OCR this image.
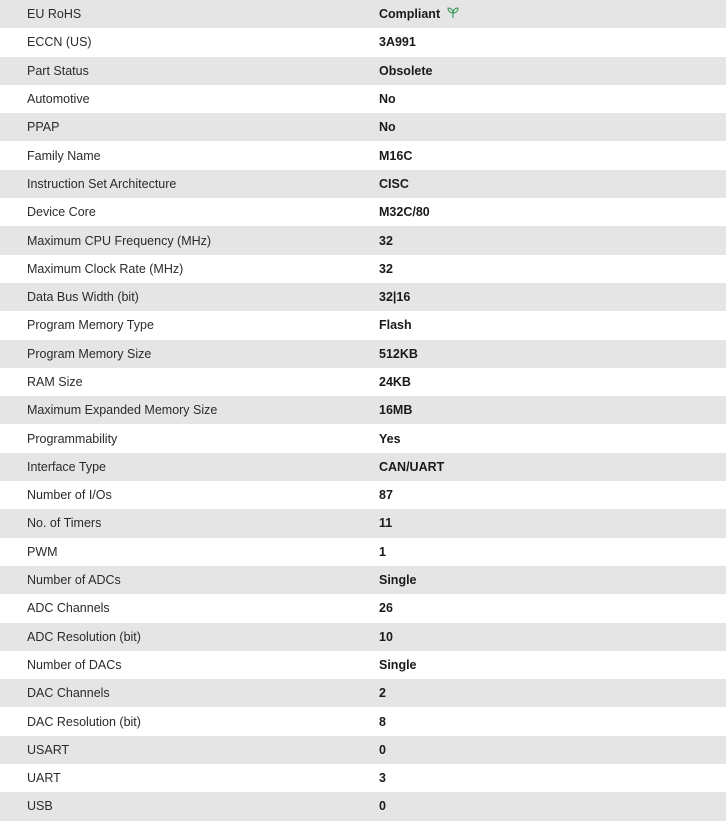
EU RoHS	Compliant
ECCN (US)	3A991
Part Status	Obsolete
Automotive	No
PPAP	No
Family Name	M16C
Instruction Set Architecture	CISC
Device Core	M32C/80
Maximum CPU Frequency (MHz)	32
Maximum Clock Rate (MHz)	32
Data Bus Width (bit)	32|16
Program Memory Type	Flash
Program Memory Size	512KB
RAM Size	24KB
Maximum Expanded Memory Size	16MB
Programmability	Yes
Interface Type	CAN/UART
Number of I/Os	87
No. of Timers	11
PWM	1
Number of ADCs	Single
ADC Channels	26
ADC Resolution (bit)	10
Number of DACs	Single
DAC Channels	2
DAC Resolution (bit)	8
USART	0
UART	3
USB	0
